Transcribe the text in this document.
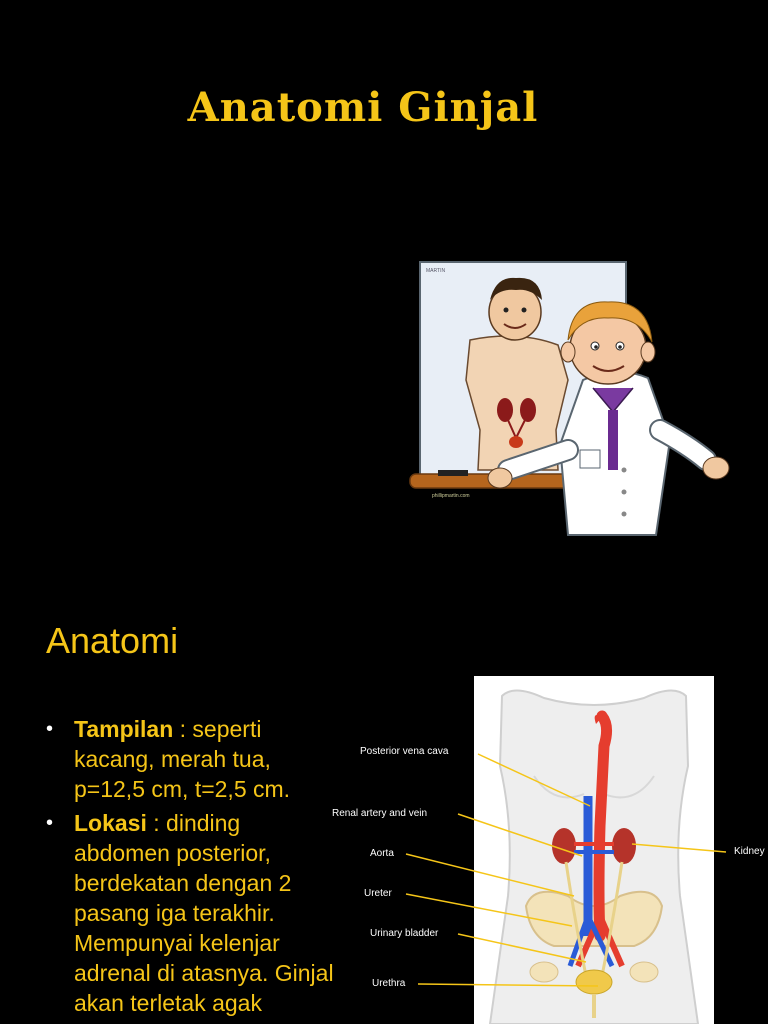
Anatomi Ginjal
MARTIN
phillipmartin.com
Anatomi
• Tampilan : seperti kacang, merah tua, p=12,5 cm, t=2,5 cm.
• Lokasi : dinding abdomen posterior, berdekatan dengan 2 pasang iga terakhir. Mempunyai kelenjar adrenal di atasnya. Ginjal akan terletak agak
Posterior vena cava
Renal artery and vein
Aorta
Ureter
Urinary bladder
Urethra
Kidney
